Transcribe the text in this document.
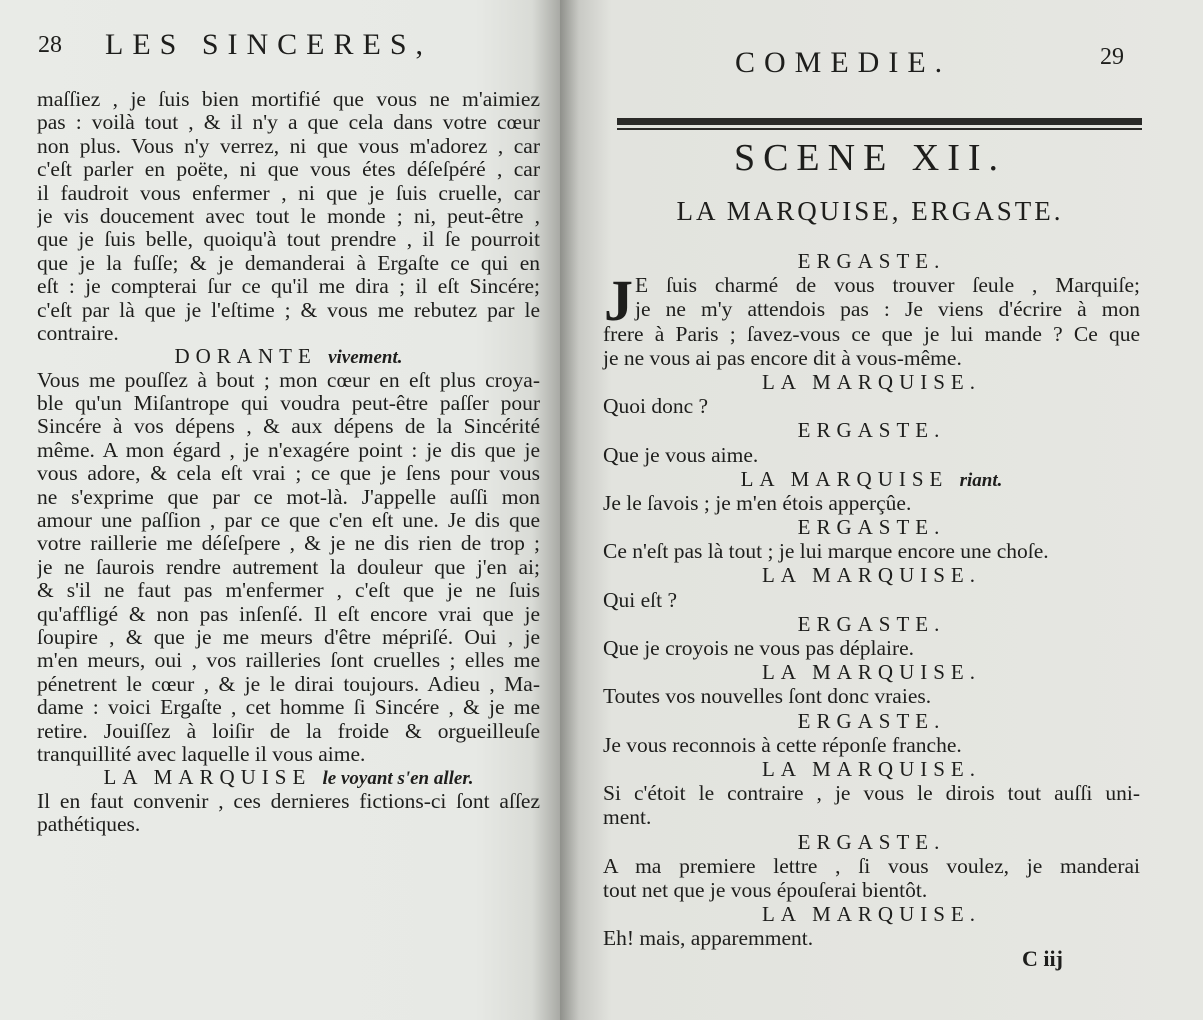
28 LES SINCERES,
maſſiez , je ſuis bien mortifié que vous ne m'aimiez
pas : voilà tout , & il n'y a que cela dans votre cœur
non plus. Vous n'y verrez, ni que vous m'adorez , car
c'eſt parler en poëte, ni que vous étes déſeſpéré , car
il faudroit vous enfermer , ni que je ſuis cruelle, car
je vis doucement avec tout le monde ; ni, peut-être ,
que je ſuis belle, quoiqu'à tout prendre , il ſe pourroit
que je la fuſſe; & je demanderai à Ergaſte ce qui en
eſt : je compterai ſur ce qu'il me dira ; il eſt Sincére;
c'eſt par là que je l'eſtime ; & vous me rebutez par le
contraire.
DORANTE vivement.
Vous me pouſſez à bout ; mon cœur en eſt plus croya-
ble qu'un Miſantrope qui voudra peut-être paſſer pour
Sincére à vos dépens , & aux dépens de la Sincérité
même. A mon égard , je n'exagére point : je dis que je
vous adore, & cela eſt vrai ; ce que je ſens pour vous
ne s'exprime que par ce mot-là. J'appelle auſſi mon
amour une paſſion , par ce que c'en eſt une. Je dis que
votre raillerie me déſeſpere , & je ne dis rien de trop ;
je ne ſaurois rendre autrement la douleur que j'en ai;
& s'il ne faut pas m'enfermer , c'eſt que je ne ſuis
qu'affligé & non pas inſenſé. Il eſt encore vrai que je
ſoupire , & que je me meurs d'être mépriſé. Oui , je
m'en meurs, oui , vos railleries ſont cruelles ; elles me
pénetrent le cœur , & je le dirai toujours. Adieu , Ma-
dame : voici Ergaſte , cet homme ſi Sincére , & je me
retire. Jouiſſez à loiſir de la froide & orgueilleuſe
tranquillité avec laquelle il vous aime.
LA MARQUISE le voyant s'en aller.
Il en faut convenir , ces dernieres fictions-ci ſont aſſez
pathétiques.
COMEDIE.	29
SCENE XII.
LA MARQUISE, ERGASTE.
J
ERGASTE.
E ſuis charmé de vous trouver ſeule , Marquiſe;
je ne m'y attendois pas : Je viens d'écrire à mon
frere à Paris ; ſavez-vous ce que je lui mande ? Ce que
je ne vous ai pas encore dit à vous-même.
LA MARQUISE.
Quoi donc ?
ERGASTE.
Que je vous aime.
LA MARQUISE riant.
Je le ſavois ; je m'en étois apperçûe.
ERGASTE.
Ce n'eſt pas là tout ; je lui marque encore une choſe.
LA MARQUISE.
Qui eſt ?
ERGASTE.
Que je croyois ne vous pas déplaire.
LA MARQUISE.
Toutes vos nouvelles ſont donc vraies.
ERGASTE.
Je vous reconnois à cette réponſe franche.
LA MARQUISE.
Si c'étoit le contraire , je vous le dirois tout auſſi uni-
ment.
ERGASTE.
A ma premiere lettre , ſi vous voulez, je manderai
tout net que je vous épouſerai bientôt.
LA MARQUISE.
Eh! mais, apparemment.
C iij
